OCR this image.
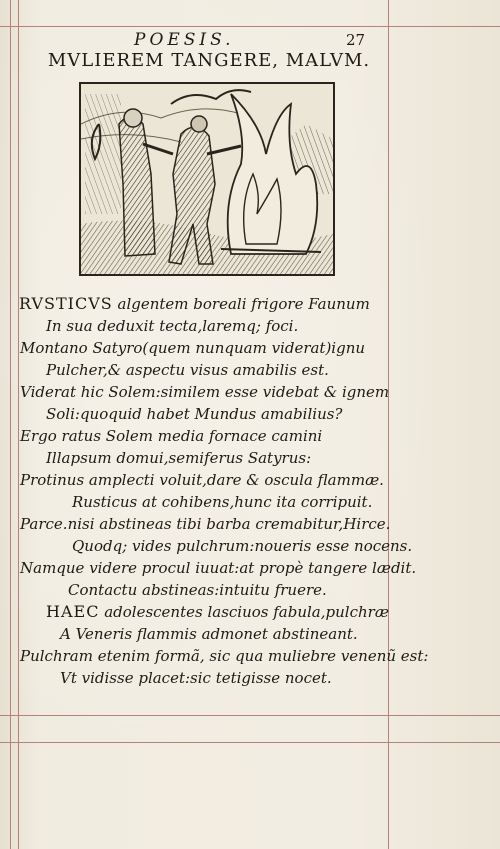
POESIS.	27
MVLIEREM TANGERE, MALVM.
RVSTICVS algentem boreali frigore Faunum
In sua deduxit tecta,laremq; foci.
Montano Satyro(quem nunquam viderat)ignu
Pulcher,& aspectu visus amabilis est.
Viderat hic Solem:similem esse videbat & ignem
Soli:quoquid habet Mundus amabilius?
Ergo ratus Solem media fornace camini
Illapsum domui,semiferus Satyrus:
Protinus amplecti voluit,dare & oscula flammæ.
Rusticus at cohibens,hunc ita corripuit.
Parce.nisi abstineas tibi barba cremabitur,Hirce.
Quodq; vides pulchrum:noueris esse nocens.
Namque videre procul iuuat:at propè tangere lædit.
Contactu abstineas:intuitu fruere.
HAEC adolescentes lasciuos fabula,pulchræ
A Veneris flammis admonet abstineant.
Pulchram etenim formã, sic qua muliebre venenũ est:
Vt vidisse placet:sic tetigisse nocet.
